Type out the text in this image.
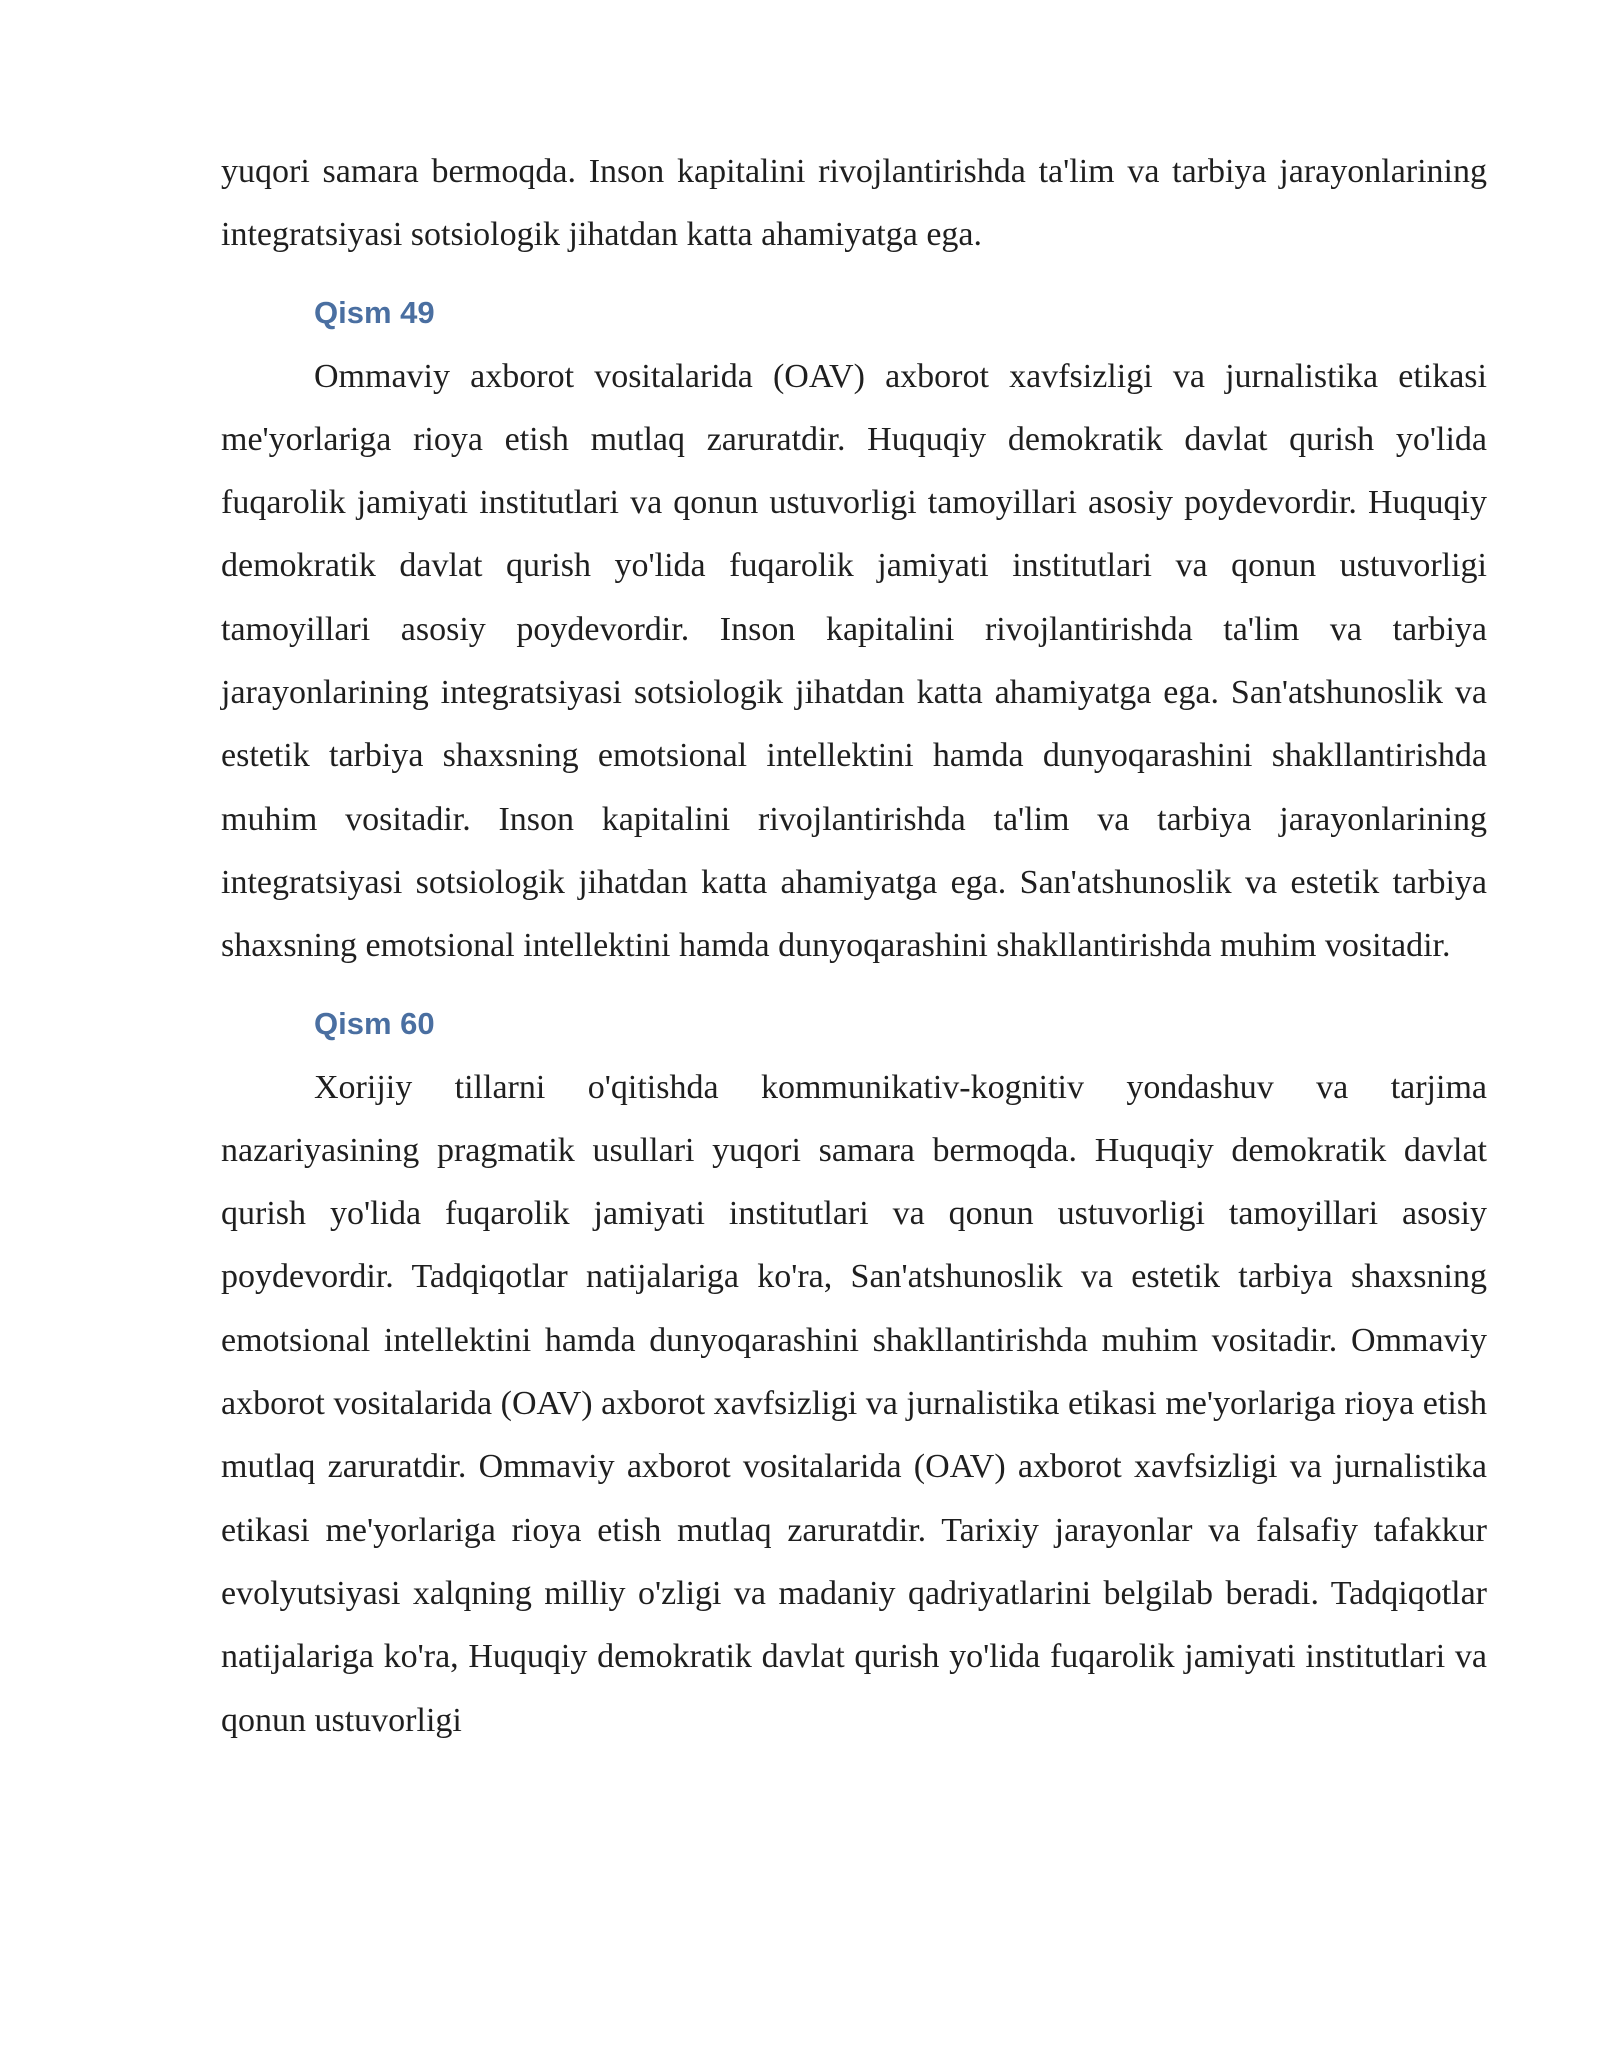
yuqori samara bermoqda. Inson kapitalini rivojlantirishda ta'lim va tarbiya jarayonlarining integratsiyasi sotsiologik jihatdan katta ahamiyatga ega.

Qism 49

Ommaviy axborot vositalarida (OAV) axborot xavfsizligi va jurnalistika etikasi me'yorlariga rioya etish mutlaq zaruratdir. Huquqiy demokratik davlat qurish yo'lida fuqarolik jamiyati institutlari va qonun ustuvorligi tamoyillari asosiy poydevordir. Huquqiy demokratik davlat qurish yo'lida fuqarolik jamiyati institutlari va qonun ustuvorligi tamoyillari asosiy poydevordir. Inson kapitalini rivojlantirishda ta'lim va tarbiya jarayonlarining integratsiyasi sotsiologik jihatdan katta ahamiyatga ega. San'atshunoslik va estetik tarbiya shaxsning emotsional intellektini hamda dunyoqarashini shakllantirishda muhim vositadir. Inson kapitalini rivojlantirishda ta'lim va tarbiya jarayonlarining integratsiyasi sotsiologik jihatdan katta ahamiyatga ega. San'atshunoslik va estetik tarbiya shaxsning emotsional intellektini hamda dunyoqarashini shakllantirishda muhim vositadir.

Qism 60

Xorijiy tillarni o'qitishda kommunikativ-kognitiv yondashuv va tarjima nazariyasining pragmatik usullari yuqori samara bermoqda. Huquqiy demokratik davlat qurish yo'lida fuqarolik jamiyati institutlari va qonun ustuvorligi tamoyillari asosiy poydevordir. Tadqiqotlar natijalariga ko'ra, San'atshunoslik va estetik tarbiya shaxsning emotsional intellektini hamda dunyoqarashini shakllantirishda muhim vositadir. Ommaviy axborot vositalarida (OAV) axborot xavfsizligi va jurnalistika etikasi me'yorlariga rioya etish mutlaq zaruratdir. Ommaviy axborot vositalarida (OAV) axborot xavfsizligi va jurnalistika etikasi me'yorlariga rioya etish mutlaq zaruratdir. Tarixiy jarayonlar va falsafiy tafakkur evolyutsiyasi xalqning milliy o'zligi va madaniy qadriyatlarini belgilab beradi. Tadqiqotlar natijalariga ko'ra, Huquqiy demokratik davlat qurish yo'lida fuqarolik jamiyati institutlari va qonun ustuvorligi
